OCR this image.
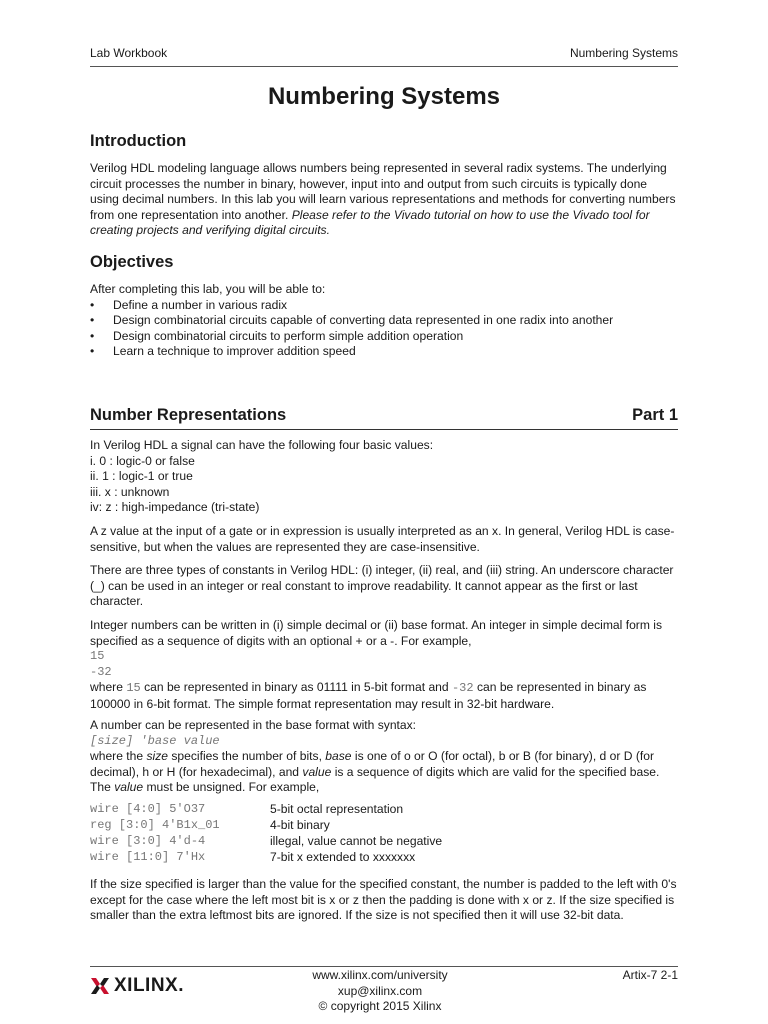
Lab Workbook	Numbering Systems
Numbering Systems
Introduction

Verilog HDL modeling language allows numbers being represented in several radix systems. The underlying circuit processes the number in binary, however, input into and output from such circuits is typically done using decimal numbers. In this lab you will learn various representations and methods for converting numbers from one representation into another. Please refer to the Vivado tutorial on how to use the Vivado tool for creating projects and verifying digital circuits.

Objectives

After completing this lab, you will be able to:

• Define a number in various radix
• Design combinatorial circuits capable of converting data represented in one radix into another
• Design combinatorial circuits to perform simple addition operation
• Learn a technique to improver addition speed
Number Representations	Part 1

In Verilog HDL a signal can have the following four basic values:

i. 0 : logic-0 or false

ii. 1 : logic-1 or true

iii. x : unknown

iv: z : high-impedance (tri-state)

A z value at the input of a gate or in expression is usually interpreted as an x. In general, Verilog HDL is case-sensitive, but when the values are represented they are case-insensitive.

There are three types of constants in Verilog HDL: (i) integer, (ii) real, and (iii) string. An underscore character (_) can be used in an integer or real constant to improve readability. It cannot appear as the first or last character.

Integer numbers can be written in (i) simple decimal or (ii) base format. An integer in simple decimal form is specified as a sequence of digits with an optional + or a -. For example,

15

-32

where 15 can be represented in binary as 01111 in 5-bit format and -32 can be represented in binary as 100000 in 6-bit format. The simple format representation may result in 32-bit hardware.

A number can be represented in the base format with syntax:

[size] 'base value

where the size specifies the number of bits, base is one of o or O (for octal), b or B (for binary), d or D (for decimal), h or H (for hexadecimal), and value is a sequence of digits which are valid for the specified base. The value must be unsigned. For example,

wire [4:0] 5'O37	5-bit octal representation
reg [3:0] 4'B1x_01	4-bit binary
wire [3:0] 4'd-4	illegal, value cannot be negative
wire [11:0] 7'Hx	7-bit x extended to xxxxxxx

If the size specified is larger than the value for the specified constant, the number is padded to the left with 0's except for the case where the left most bit is x or z then the padding is done with x or z. If the size specified is smaller than the extra leftmost bits are ignored. If the size is not specified then it will use 32-bit data.

XILINX.
www.xilinx.com/university
xup@xilinx.com
© copyright 2015 Xilinx
Artix-7 2-1
